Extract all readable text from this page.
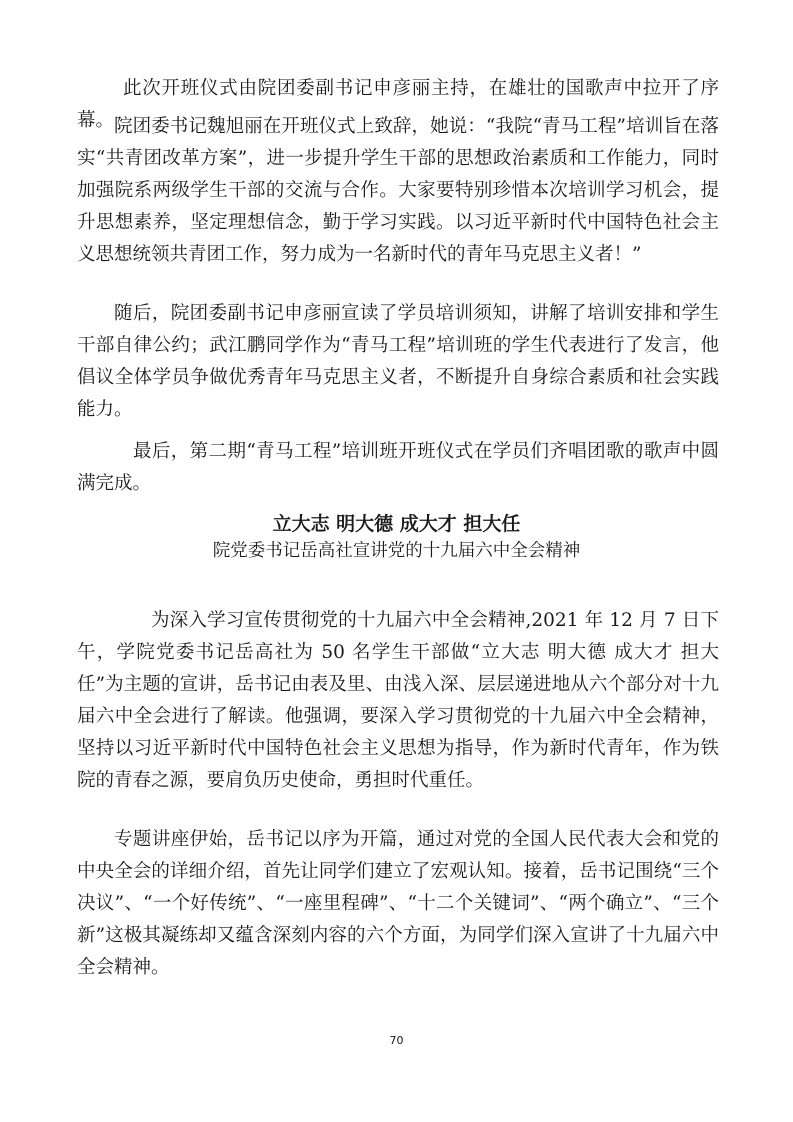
此次开班仪式由院团委副书记申彦丽主持，在雄壮的国歌声中拉开了序幕。 院团委书记魏旭丽在开班仪式上致辞，她说：“我院“青马工程”培训旨在落实“共青团改革方案”，进一步提升学生干部的思想政治素质和工作能力，同时加强院系两级学生干部的交流与合作。大家要特别珍惜本次培训学习机会，提升思想素养，坚定理想信念，勤于学习实践。以习近平新时代中国特色社会主义思想统领共青团工作，努力成为一名新时代的青年马克思主义者！”

随后，院团委副书记申彦丽宣读了学员培训须知，讲解了培训安排和学生干部自律公约；武江鹏同学作为“青马工程”培训班的学生代表进行了发言，他倡议全体学员争做优秀青年马克思主义者，不断提升自身综合素质和社会实践能力。

最后，第二期“青马工程”培训班开班仪式在学员们齐唱团歌的歌声中圆满完成。

立大志 明大德 成大才 担大任
院党委书记岳高社宣讲党的十九届六中全会精神

为深入学习宣传贯彻党的十九届六中全会精神,2021 年 12 月 7 日下午，学院党委书记岳高社为 50 名学生干部做“立大志 明大德 成大才 担大任”为主题的宣讲，岳书记由表及里、由浅入深、层层递进地从六个部分对十九届六中全会进行了解读。他强调，要深入学习贯彻党的十九届六中全会精神，坚持以习近平新时代中国特色社会主义思想为指导，作为新时代青年，作为铁院的青春之源，要肩负历史使命，勇担时代重任。

专题讲座伊始，岳书记以序为开篇，通过对党的全国人民代表大会和党的中央全会的详细介绍，首先让同学们建立了宏观认知。接着，岳书记围绕“三个决议”、“一个好传统”、“一座里程碑”、“十二个关键词”、“两个确立”、“三个新”这极其凝练却又蕴含深刻内容的六个方面，为同学们深入宣讲了十九届六中全会精神。

70
